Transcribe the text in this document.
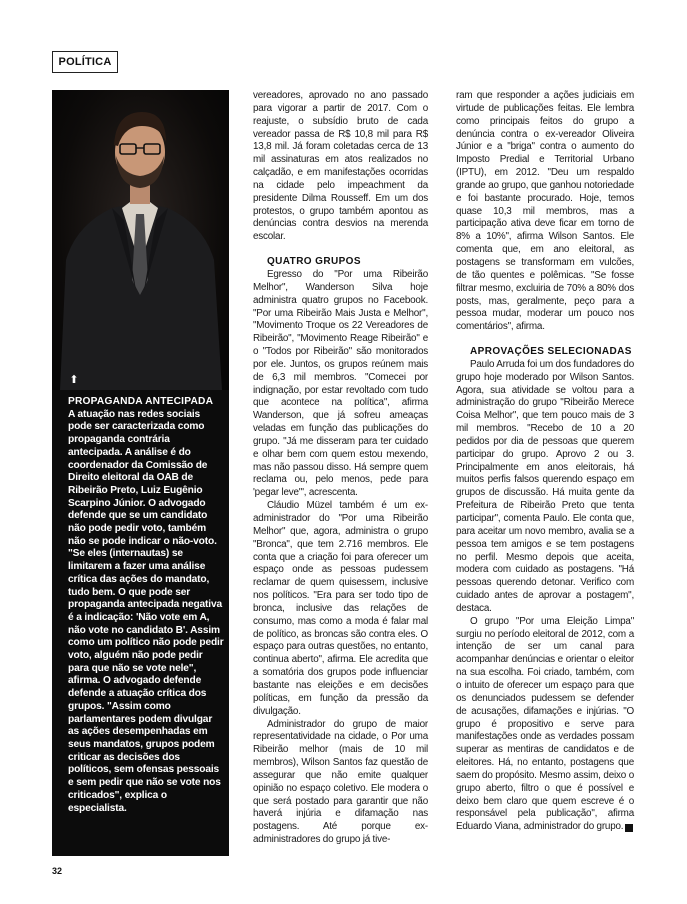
POLÍTICA
⬆
PROPAGANDA ANTECIPADA
A atuação nas redes sociais pode ser caracterizada como propaganda contrária antecipada. A análise é do coordenador da Comissão de Direito eleitoral da OAB de Ribeirão Preto, Luiz Eugênio Scarpino Júnior. O advogado defende que se um candidato não pode pedir voto, também não se pode indicar o não-voto. "Se eles (internautas) se limitarem a fazer uma análise crítica das ações do mandato, tudo bem. O que pode ser propaganda antecipada negativa é a indicação: 'Não vote em A, não vote no candidato B'. Assim como um político não pode pedir voto, alguém não pode pedir para que não se vote nele", afirma. O advogado defende defende a atuação crítica dos grupos. "Assim como parlamentares podem divulgar as ações desempenhadas em seus mandatos, grupos podem criticar as decisões dos políticos, sem ofensas pessoais e sem pedir que não se vote nos criticados", explica o especialista.

vereadores, aprovado no ano passado para vigorar a partir de 2017. Com o reajuste, o subsídio bruto de cada vereador passa de R$ 10,8 mil para R$ 13,8 mil. Já foram coletadas cerca de 13 mil assinaturas em atos realizados no calçadão, e em manifestações ocorridas na cidade pelo impeachment da presidente Dilma Rousseff. Em um dos protestos, o grupo também apontou as denúncias contra desvios na merenda escolar.

QUATRO GRUPOS

Egresso do "Por uma Ribeirão Melhor", Wanderson Silva hoje administra quatro grupos no Facebook. "Por uma Ribeirão Mais Justa e Melhor", "Movimento Troque os 22 Vereadores de Ribeirão", "Movimento Reage Ribeirão" e o "Todos por Ribeirão" são monitorados por ele. Juntos, os grupos reúnem mais de 6,3 mil membros. "Comecei por indignação, por estar revoltado com tudo que acontece na política", afirma Wanderson, que já sofreu ameaças veladas em função das publicações do grupo. "Já me disseram para ter cuidado e olhar bem com quem estou mexendo, mas não passou disso. Há sempre quem reclama ou, pelo menos, pede para 'pegar leve'", acrescenta.

Cláudio Müzel também é um ex-administrador do "Por uma Ribeirão Melhor" que, agora, administra o grupo "Bronca", que tem 2.716 membros. Ele conta que a criação foi para oferecer um espaço onde as pessoas pudessem reclamar de quem quisessem, inclusive nos políticos. "Era para ser todo tipo de bronca, inclusive das relações de consumo, mas como a moda é falar mal de político, as broncas são contra eles. O espaço para outras questões, no entanto, continua aberto", afirma. Ele acredita que a somatória dos grupos pode influenciar bastante nas eleições e em decisões políticas, em função da pressão da divulgação.

Administrador do grupo de maior representatividade na cidade, o Por uma Ribeirão melhor (mais de 10 mil membros), Wilson Santos faz questão de assegurar que não emite qualquer opinião no espaço coletivo. Ele modera o que será postado para garantir que não haverá injúria e difamação nas postagens. Até porque ex-administradores do grupo já tive-

ram que responder a ações judiciais em virtude de publicações feitas. Ele lembra como principais feitos do grupo a denúncia contra o ex-vereador Oliveira Júnior e a "briga" contra o aumento do Imposto Predial e Territorial Urbano (IPTU), em 2012. "Deu um respaldo grande ao grupo, que ganhou notoriedade e foi bastante procurado. Hoje, temos quase 10,3 mil membros, mas a participação ativa deve ficar em torno de 8% a 10%", afirma Wilson Santos. Ele comenta que, em ano eleitoral, as postagens se transformam em vulcões, de tão quentes e polêmicas. "Se fosse filtrar mesmo, excluiria de 70% a 80% dos posts, mas, geralmente, peço para a pessoa mudar, moderar um pouco nos comentários", afirma.

APROVAÇÕES SELECIONADAS

Paulo Arruda foi um dos fundadores do grupo hoje moderado por Wilson Santos. Agora, sua atividade se voltou para a administração do grupo "Ribeirão Merece Coisa Melhor", que tem pouco mais de 3 mil membros. "Recebo de 10 a 20 pedidos por dia de pessoas que querem participar do grupo. Aprovo 2 ou 3. Principalmente em anos eleitorais, há muitos perfis falsos querendo espaço em grupos de discussão. Há muita gente da Prefeitura de Ribeirão Preto que tenta participar", comenta Paulo. Ele conta que, para aceitar um novo membro, avalia se a pessoa tem amigos e se tem postagens no perfil. Mesmo depois que aceita, modera com cuidado as postagens. "Há pessoas querendo detonar. Verifico com cuidado antes de aprovar a postagem", destaca.

O grupo "Por uma Eleição Limpa" surgiu no período eleitoral de 2012, com a intenção de ser um canal para acompanhar denúncias e orientar o eleitor na sua escolha. Foi criado, também, com o intuito de oferecer um espaço para que os denunciados pudessem se defender de acusações, difamações e injúrias. "O grupo é propositivo e serve para manifestações onde as verdades possam superar as mentiras de candidatos e de eleitores. Há, no entanto, postagens que saem do propósito. Mesmo assim, deixo o grupo aberto, filtro o que é possível e deixo bem claro que quem escreve é o responsável pela publicação", afirma Eduardo Viana, administrador do grupo. r

32
